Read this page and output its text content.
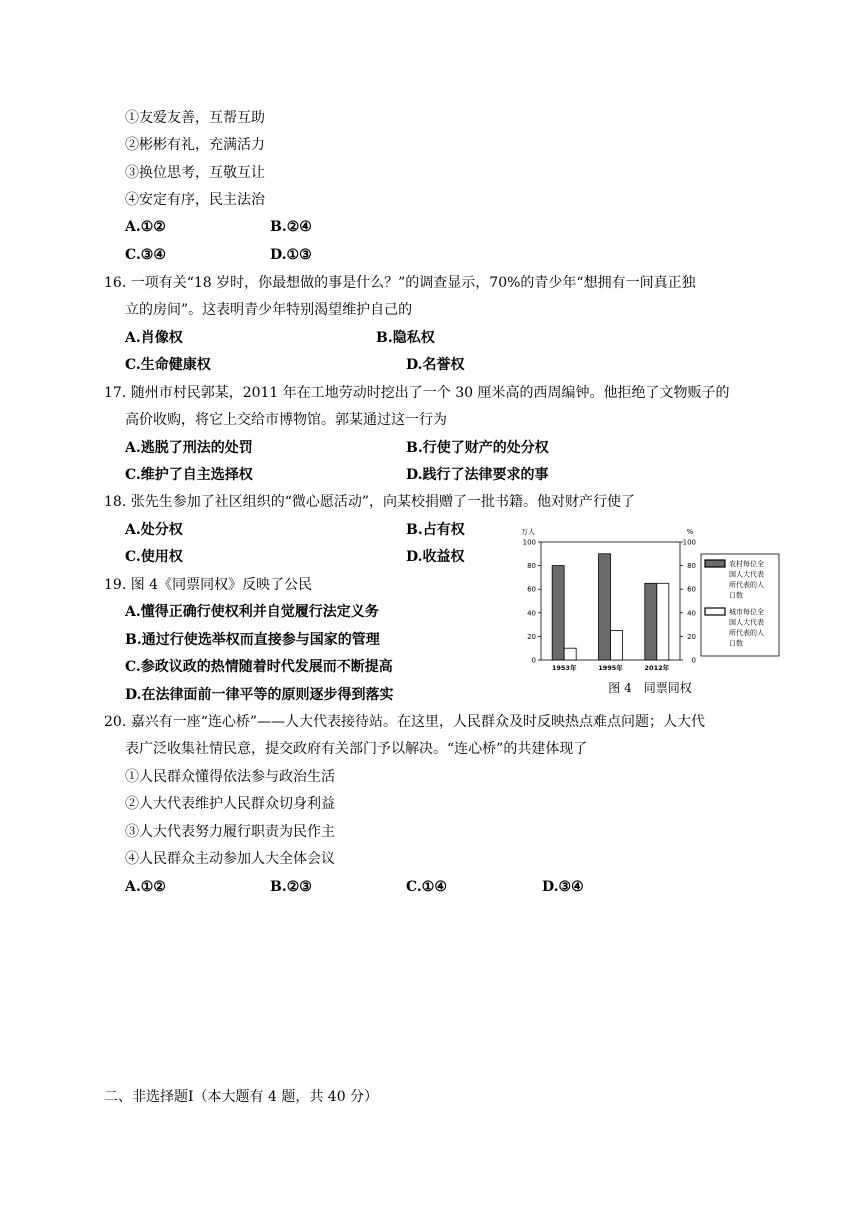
①友爱友善，互帮互助
②彬彬有礼，充满活力
③换位思考，互敬互让
④安定有序，民主法治
A.①②	B.②④
C.③④	D.①③
16. 一项有关“18 岁时，你最想做的事是什么？”的调查显示，70%的青少年“想拥有一间真正独
立的房间”。这表明青少年特别渴望维护自己的
A.肖像权	B.隐私权
C.生命健康权	D.名誉权
17. 随州市村民郭某，2011 年在工地劳动时挖出了一个 30 厘米高的西周编钟。他拒绝了文物贩子的
高价收购，将它上交给市博物馆。郭某通过这一行为
A.逃脱了刑法的处罚	B.行使了财产的处分权
C.维护了自主选择权	D.践行了法律要求的事
18. 张先生参加了社区组织的“微心愿活动”，向某校捐赠了一批书籍。他对财产行使了
A.处分权	B.占有权
C.使用权	D.收益权
19. 图 4《同票同权》反映了公民
A.懂得正确行使权利并自觉履行法定义务
B.通过行使选举权而直接参与国家的管理
C.参政议政的热情随着时代发展而不断提高
D.在法律面前一律平等的原则逐步得到落实
万人	%
0	0
20	20
40	40
60	60
80	80
100	100
1953年	1995年	2012年
农村每位全
国人大代表
所代表的人
口数
城市每位全
国人大代表
所代表的人
口数
图 4　同票同权
20. 嘉兴有一座“连心桥”——人大代表接待站。在这里，人民群众及时反映热点难点问题；人大代
表广泛收集社情民意，提交政府有关部门予以解决。“连心桥”的共建体现了
①人民群众懂得依法参与政治生活
②人大代表维护人民群众切身利益
③人大代表努力履行职责为民作主
④人民群众主动参加人大全体会议
A.①②	B.②③	C.①④	D.③④
二、非选择题Ⅰ（本大题有 4 题，共 40 分）
